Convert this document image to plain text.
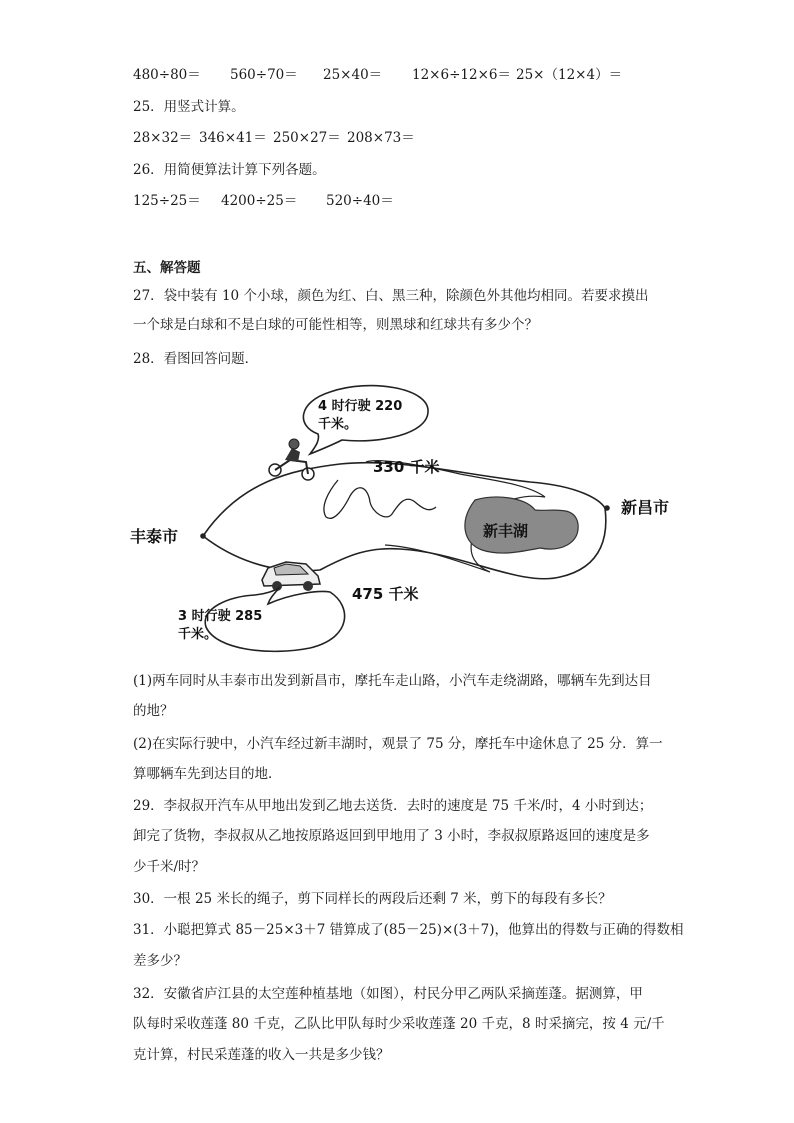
480÷80＝ 560÷70＝ 25×40＝ 12×6÷12×6＝ 25×（12×4）＝
25．用竖式计算。
28×32＝ 346×41＝ 250×27＝ 208×73＝
26．用简便算法计算下列各题。
125÷25＝ 4200÷25＝ 520÷40＝
五、解答题
27．袋中装有 10 个小球，颜色为红、白、黑三种，除颜色外其他均相同。若要求摸出
一个球是白球和不是白球的可能性相等，则黑球和红球共有多少个？
28．看图回答问题．
新丰湖
丰泰市
新昌市
330 千米
475 千米
4 时行驶 220
千米。
3 时行驶 285
千米。
(1)两车同时从丰泰市出发到新昌市，摩托车走山路，小汽车走绕湖路，哪辆车先到达目
的地？
(2)在实际行驶中，小汽车经过新丰湖时，观景了 75 分，摩托车中途休息了 25 分．算一
算哪辆车先到达目的地．
29．李叔叔开汽车从甲地出发到乙地去送货．去时的速度是 75 千米/时，4 小时到达；
卸完了货物，李叔叔从乙地按原路返回到甲地用了 3 小时，李叔叔原路返回的速度是多
少千米/时？
30．一根 25 米长的绳子，剪下同样长的两段后还剩 7 米，剪下的每段有多长？
31．小聪把算式 85－25×3＋7 错算成了(85－25)×(3＋7)，他算出的得数与正确的得数相
差多少？
32．安徽省庐江县的太空莲种植基地（如图），村民分甲乙两队采摘莲蓬。据测算，甲
队每时采收莲蓬 80 千克，乙队比甲队每时少采收莲蓬 20 千克，8 时采摘完，按 4 元/千
克计算，村民采莲蓬的收入一共是多少钱？
